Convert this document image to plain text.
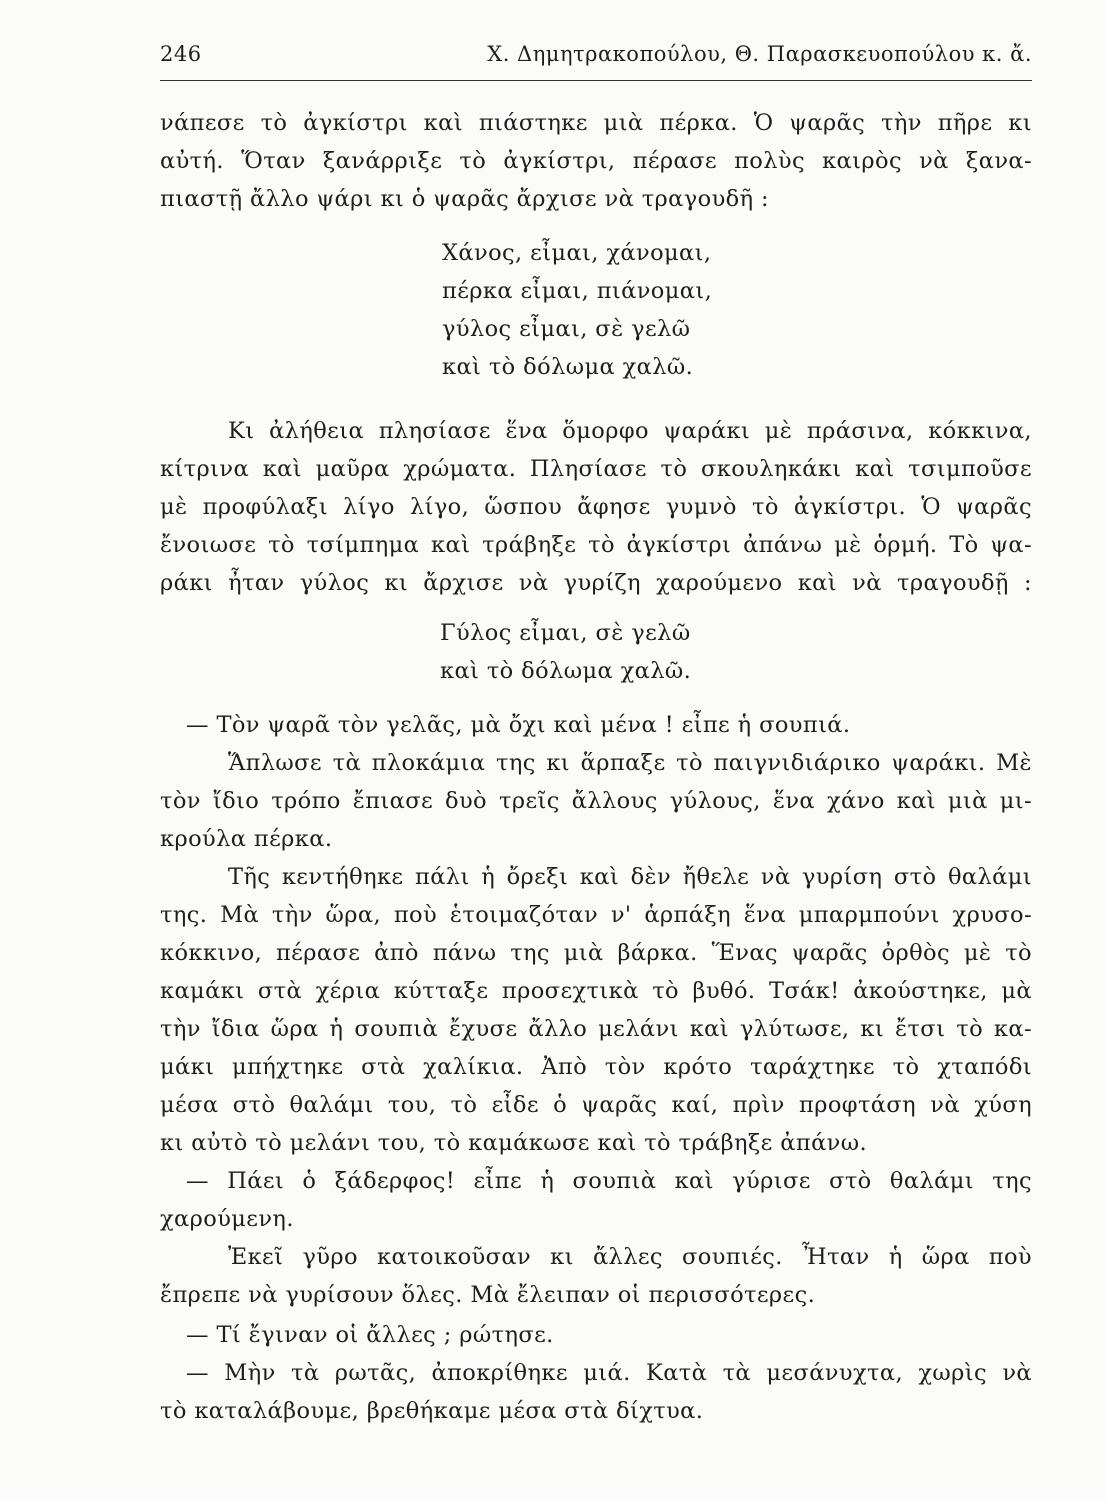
246	Χ. Δημητρακοπούλου, Θ. Παρασκευοπούλου κ. ἄ.
νάπεσε τὸ ἀγκίστρι καὶ πιάστηκε μιὰ πέρκα. Ὁ ψαρᾶς τὴν πῆρε κι
αὐτή. Ὅταν ξανάρριξε τὸ ἀγκίστρι, πέρασε πολὺς καιρὸς νὰ ξανα-
πιαστῇ ἄλλο ψάρι κι ὁ ψαρᾶς ἄρχισε νὰ τραγουδῆ :
Χάνος, εἶμαι, χάνομαι,
πέρκα εἶμαι, πιάνομαι,
γύλος εἶμαι, σὲ γελῶ
καὶ τὸ δόλωμα χαλῶ.
Κι ἀλήθεια πλησίασε ἕνα ὅμορφο ψαράκι μὲ πράσινα, κόκκινα,
κίτρινα καὶ μαῦρα χρώματα. Πλησίασε τὸ σκουληκάκι καὶ τσιμποῦσε
μὲ προφύλαξι λίγο λίγο, ὥσπου ἄφησε γυμνὸ τὸ ἀγκίστρι. Ὁ ψαρᾶς
ἔνοιωσε τὸ τσίμπημα καὶ τράβηξε τὸ ἀγκίστρι ἀπάνω μὲ ὁρμή. Τὸ ψα-
ράκι ἦταν γύλος κι ἄρχισε νὰ γυρίζη χαρούμενο καὶ νὰ τραγουδῇ :
Γύλος εἶμαι, σὲ γελῶ
καὶ τὸ δόλωμα χαλῶ.
— Τὸν ψαρᾶ τὸν γελᾶς, μὰ ὄχι καὶ μένα ! εἶπε ἡ σουπιά.
Ἅπλωσε τὰ πλοκάμια της κι ἅρπαξε τὸ παιγνιδιάρικο ψαράκι. Μὲ
τὸν ἴδιο τρόπο ἔπιασε δυὸ τρεῖς ἄλλους γύλους, ἕνα χάνο καὶ μιὰ μι-
κρούλα πέρκα.
Τῆς κεντήθηκε πάλι ἡ ὄρεξι καὶ δὲν ἤθελε νὰ γυρίση στὸ θαλάμι
της. Μὰ τὴν ὥρα, ποὺ ἑτοιμαζόταν ν' ἁρπάξη ἕνα μπαρμπούνι χρυσο-
κόκκινο, πέρασε ἀπὸ πάνω της μιὰ βάρκα. Ἕνας ψαρᾶς ὀρθὸς μὲ τὸ
καμάκι στὰ χέρια κύτταξε προσεχτικὰ τὸ βυθό. Τσάκ! ἀκούστηκε, μὰ
τὴν ἴδια ὥρα ἡ σουπιὰ ἔχυσε ἄλλο μελάνι καὶ γλύτωσε, κι ἔτσι τὸ κα-
μάκι μπήχτηκε στὰ χαλίκια. Ἀπὸ τὸν κρότο ταράχτηκε τὸ χταπόδι
μέσα στὸ θαλάμι του, τὸ εἶδε ὁ ψαρᾶς καί, πρὶν προφτάση νὰ χύση
κι αὐτὸ τὸ μελάνι του, τὸ καμάκωσε καὶ τὸ τράβηξε ἀπάνω.
— Πάει ὁ ξάδερφος! εἶπε ἡ σουπιὰ καὶ γύρισε στὸ θαλάμι της
χαρούμενη.
Ἐκεῖ γῦρο κατοικοῦσαν κι ἄλλες σουπιές. Ἦταν ἡ ὥρα ποὺ
ἔπρεπε νὰ γυρίσουν ὅλες. Μὰ ἔλειπαν οἱ περισσότερες.
— Τί ἔγιναν οἱ ἄλλες ; ρώτησε.
— Μὴν τὰ ρωτᾶς, ἀποκρίθηκε μιά. Κατὰ τὰ μεσάνυχτα, χωρὶς νὰ
τὸ καταλάβουμε, βρεθήκαμε μέσα στὰ δίχτυα.
